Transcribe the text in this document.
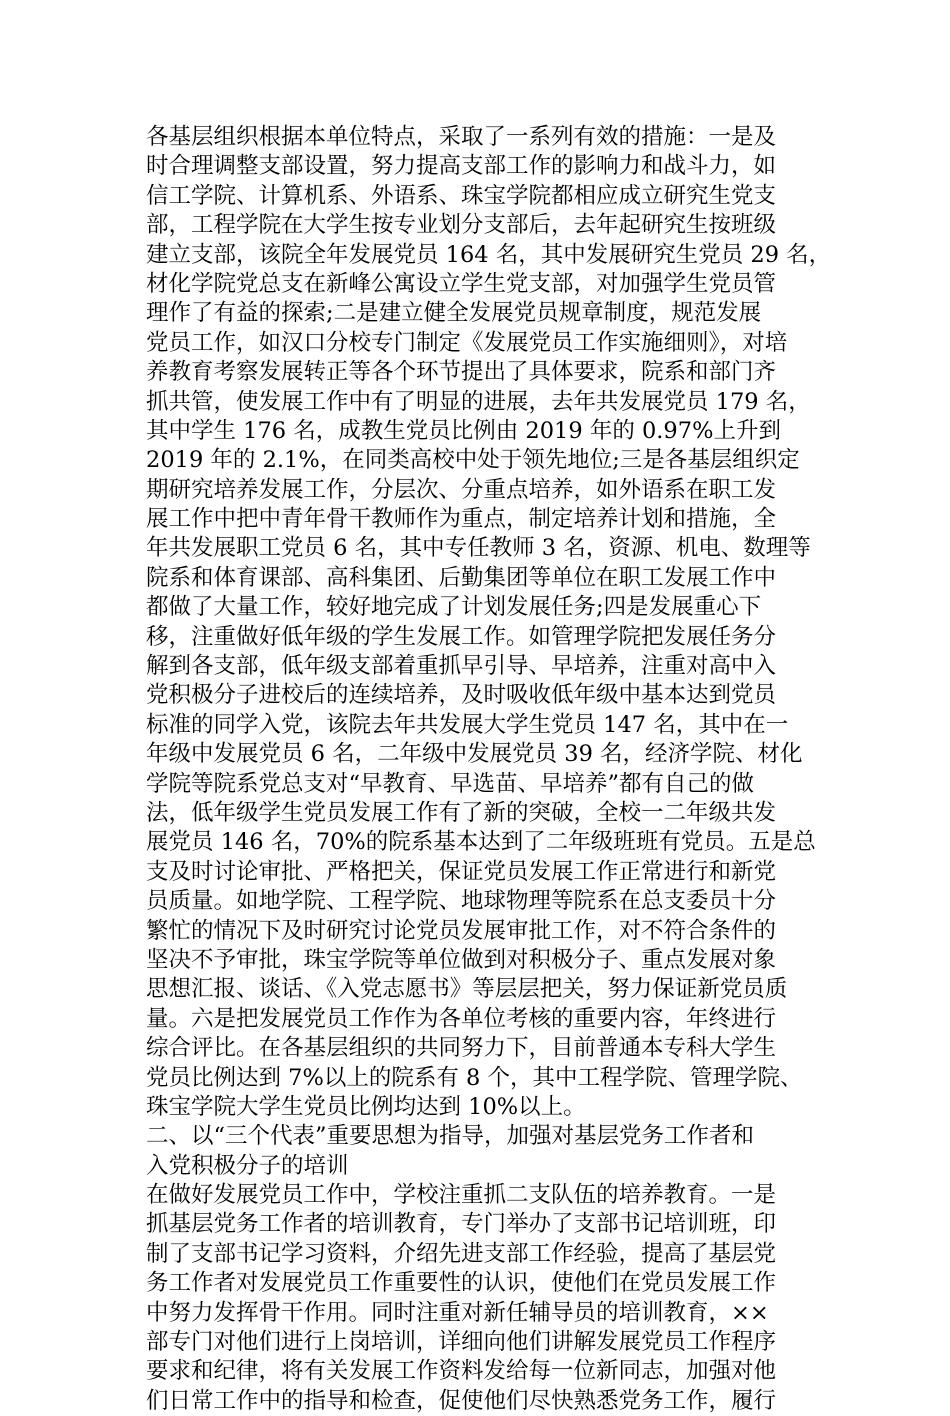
各基层组织根据本单位特点，采取了一系列有效的措施：一是及
时合理调整支部设置，努力提高支部工作的影响力和战斗力，如
信工学院、计算机系、外语系、珠宝学院都相应成立研究生党支
部，工程学院在大学生按专业划分支部后，去年起研究生按班级
建立支部，该院全年发展党员 164 名，其中发展研究生党员 29 名，
材化学院党总支在新峰公寓设立学生党支部，对加强学生党员管
理作了有益的探索;二是建立健全发展党员规章制度，规范发展
党员工作，如汉口分校专门制定《发展党员工作实施细则》，对培
养教育考察发展转正等各个环节提出了具体要求，院系和部门齐
抓共管，使发展工作中有了明显的进展，去年共发展党员 179 名，
其中学生 176 名，成教生党员比例由 2019 年的 0.97%上升到
2019 年的 2.1%，在同类高校中处于领先地位;三是各基层组织定
期研究培养发展工作，分层次、分重点培养，如外语系在职工发
展工作中把中青年骨干教师作为重点，制定培养计划和措施，全
年共发展职工党员 6 名，其中专任教师 3 名，资源、机电、数理等
院系和体育课部、高科集团、后勤集团等单位在职工发展工作中
都做了大量工作，较好地完成了计划发展任务;四是发展重心下
移，注重做好低年级的学生发展工作。如管理学院把发展任务分
解到各支部，低年级支部着重抓早引导、早培养，注重对高中入
党积极分子进校后的连续培养，及时吸收低年级中基本达到党员
标准的同学入党，该院去年共发展大学生党员 147 名，其中在一
年级中发展党员 6 名，二年级中发展党员 39 名，经济学院、材化
学院等院系党总支对“早教育、早选苗、早培养”都有自己的做
法，低年级学生党员发展工作有了新的突破，全校一二年级共发
展党员 146 名，70%的院系基本达到了二年级班班有党员。五是总
支及时讨论审批、严格把关，保证党员发展工作正常进行和新党
员质量。如地学院、工程学院、地球物理等院系在总支委员十分
繁忙的情况下及时研究讨论党员发展审批工作，对不符合条件的
坚决不予审批，珠宝学院等单位做到对积极分子、重点发展对象
思想汇报、谈话、《入党志愿书》等层层把关，努力保证新党员质
量。六是把发展党员工作作为各单位考核的重要内容，年终进行
综合评比。在各基层组织的共同努力下，目前普通本专科大学生
党员比例达到 7%以上的院系有 8 个，其中工程学院、管理学院、
珠宝学院大学生党员比例均达到 10%以上。
二、以“三个代表”重要思想为指导，加强对基层党务工作者和
入党积极分子的培训
在做好发展党员工作中，学校注重抓二支队伍的培养教育。一是
抓基层党务工作者的培训教育，专门举办了支部书记培训班，印
制了支部书记学习资料，介绍先进支部工作经验，提高了基层党
务工作者对发展党员工作重要性的认识，使他们在党员发展工作
中努力发挥骨干作用。同时注重对新任辅导员的培训教育，××
部专门对他们进行上岗培训，详细向他们讲解发展党员工作程序
要求和纪律，将有关发展工作资料发给每一位新同志，加强对他
们日常工作中的指导和检查，促使他们尽快熟悉党务工作，履行
